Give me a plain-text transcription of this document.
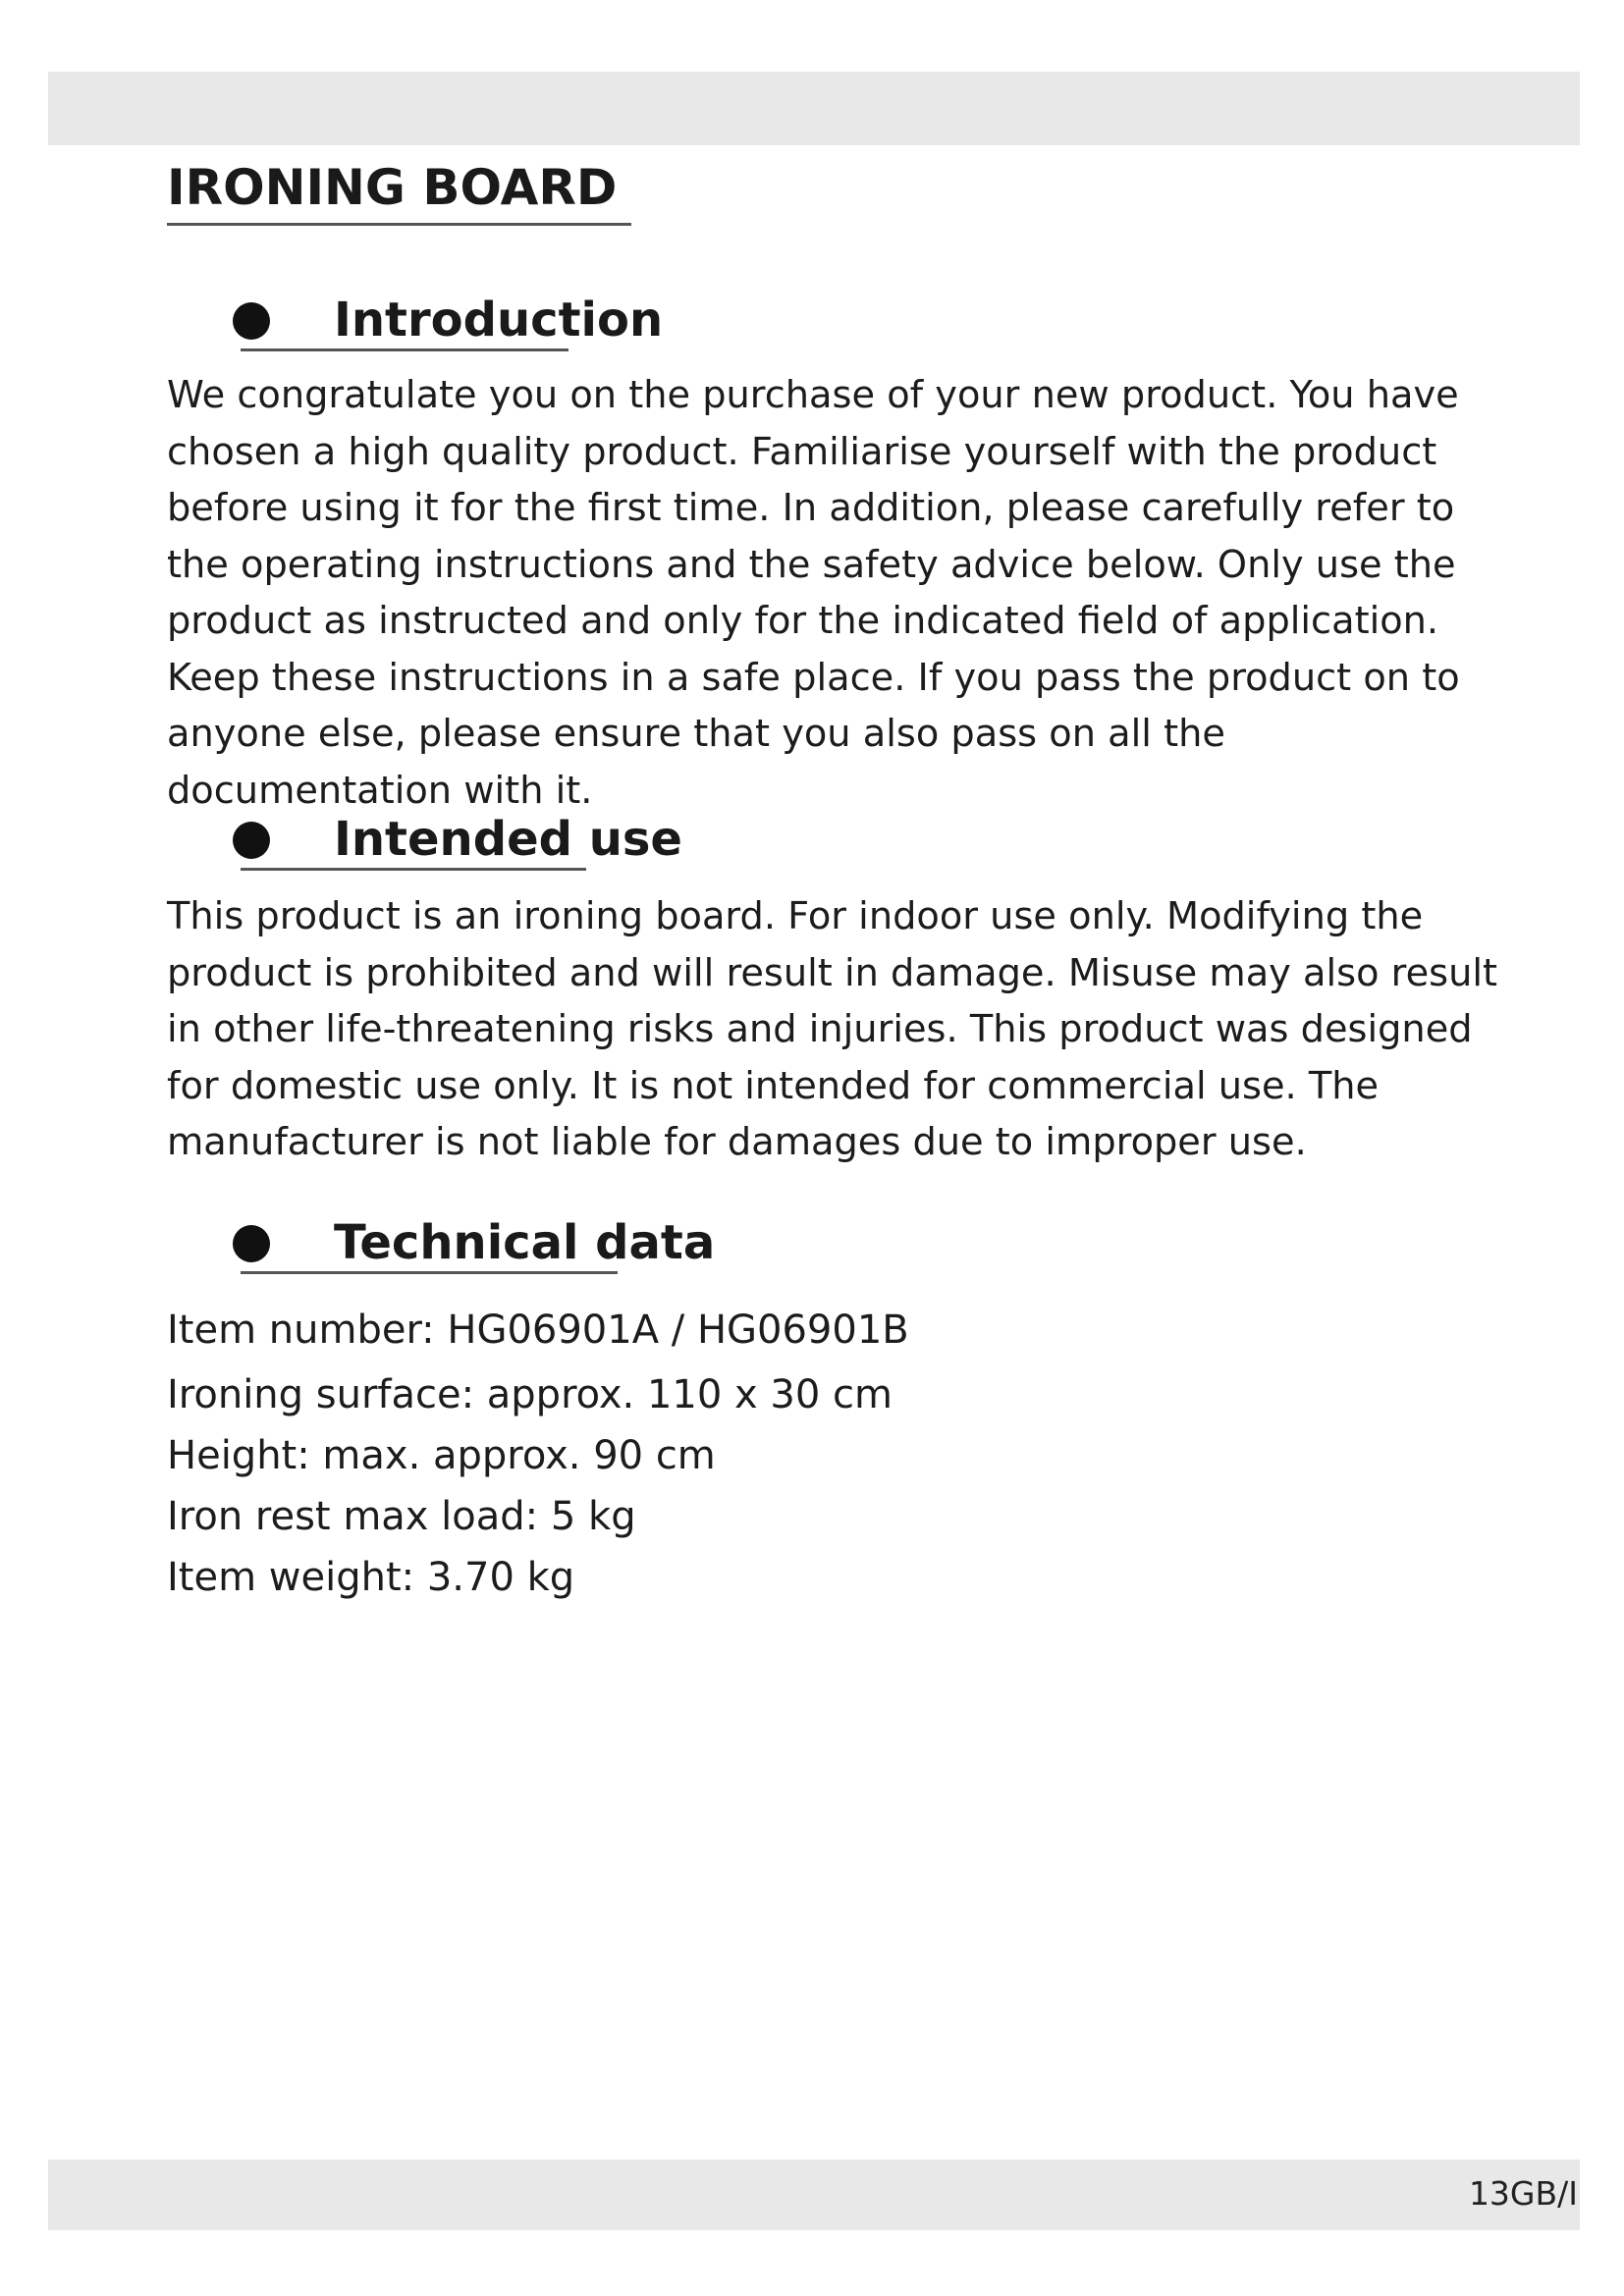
IRONING BOARD
Introduction

We congratulate you on the purchase of your new product. You have chosen a high quality product. Familiarise yourself with the product before using it for the first time. In addition, please carefully refer to the operating instructions and the safety advice below. Only use the product as instructed and only for the indicated field of application. Keep these instructions in a safe place. If you pass the product on to anyone else, please ensure that you also pass on all the documentation with it.

Intended use

This product is an ironing board. For indoor use only. Modifying the product is prohibited and will result in damage. Misuse may also result in other life-threatening risks and injuries. This product was designed for domestic use only. It is not intended for commercial use. The manufacturer is not liable for damages due to improper use.

Technical data
Item number: HG06901A / HG06901B
Ironing surface: approx. 110 x 30 cm
Height: max. approx. 90 cm
Iron rest max load: 5 kg
Item weight: 3.70 kg
13GB/I
